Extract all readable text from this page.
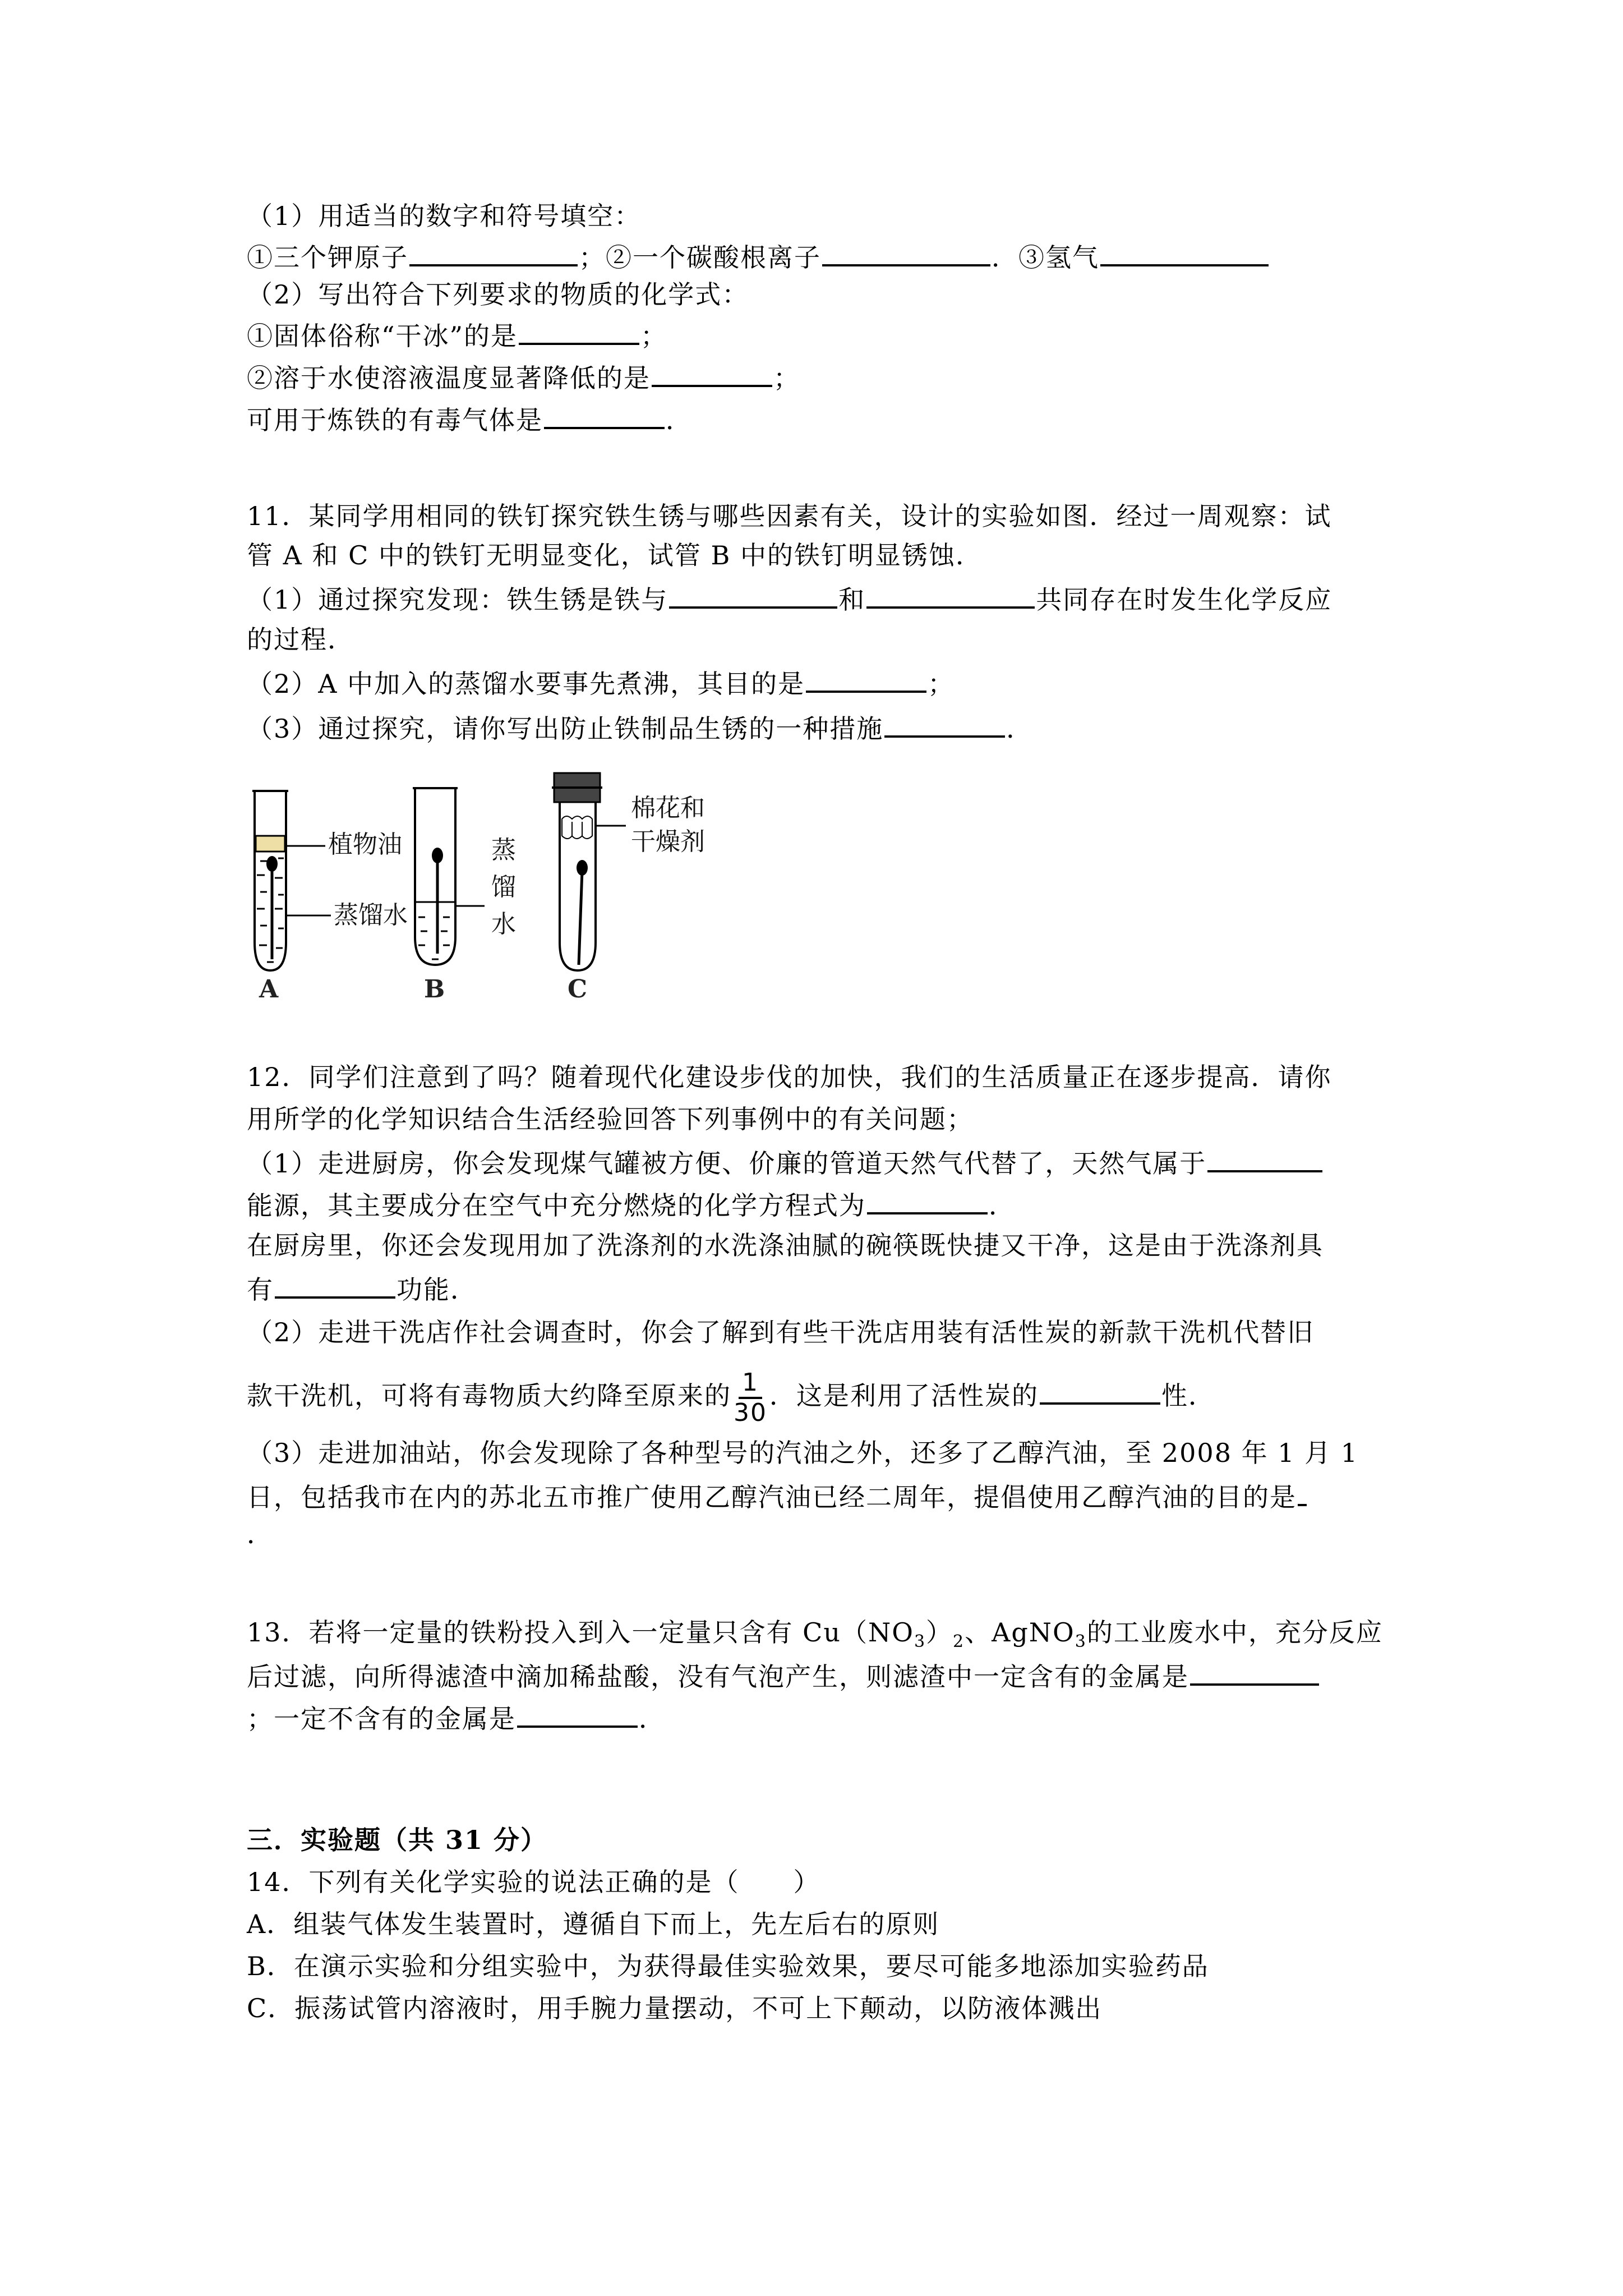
（1）用适当的数字和符号填空：
①三个钾原子	；②一个碳酸根离子	．③氢气
（2）写出符合下列要求的物质的化学式：
①固体俗称“干冰”的是	；
②溶于水使溶液温度显著降低的是	；
可用于炼铁的有毒气体是	．
11．某同学用相同的铁钉探究铁生锈与哪些因素有关，设计的实验如图．经过一周观察：试
管 A 和 C 中的铁钉无明显变化，试管 B 中的铁钉明显锈蚀．
（1）通过探究发现：铁生锈是铁与	和	共同存在时发生化学反应
的过程．
（2）A 中加入的蒸馏水要事先煮沸，其目的是	；
（3）通过探究，请你写出防止铁制品生锈的一种措施	．
植物油
蒸馏水
蒸
馏
水
棉花和
干燥剂
A	B	C
12．同学们注意到了吗？随着现代化建设步伐的加快，我们的生活质量正在逐步提高．请你
用所学的化学知识结合生活经验回答下列事例中的有关问题；
（1）走进厨房，你会发现煤气罐被方便、价廉的管道天然气代替了，天然气属于
能源，其主要成分在空气中充分燃烧的化学方程式为	．
在厨房里，你还会发现用加了洗涤剂的水洗涤油腻的碗筷既快捷又干净，这是由于洗涤剂具
有	功能．
（2）走进干洗店作社会调查时，你会了解到有些干洗店用装有活性炭的新款干洗机代替旧
款干洗机，可将有毒物质大约降至原来的 $\frac{1}{30}$ ．这是利用了活性炭的	性．
（3）走进加油站，你会发现除了各种型号的汽油之外，还多了乙醇汽油，至 2008 年 1 月 1
日，包括我市在内的苏北五市推广使用乙醇汽油已经二周年，提倡使用乙醇汽油的目的是
．
13．若将一定量的铁粉投入到入一定量只含有 $Cu(NO_3)_2$、AgNO$_3$的工业废水中，充分反应
后过滤，向所得滤渣中滴加稀盐酸，没有气泡产生，则滤渣中一定含有的金属是
；一定不含有的金属是	．
三．实验题（共 31 分）
14．下列有关化学实验的说法正确的是（　　）
A．组装气体发生装置时，遵循自下而上，先左后右的原则
B．在演示实验和分组实验中，为获得最佳实验效果，要尽可能多地添加实验药品
C．振荡试管内溶液时，用手腕力量摆动，不可上下颠动，以防液体溅出
